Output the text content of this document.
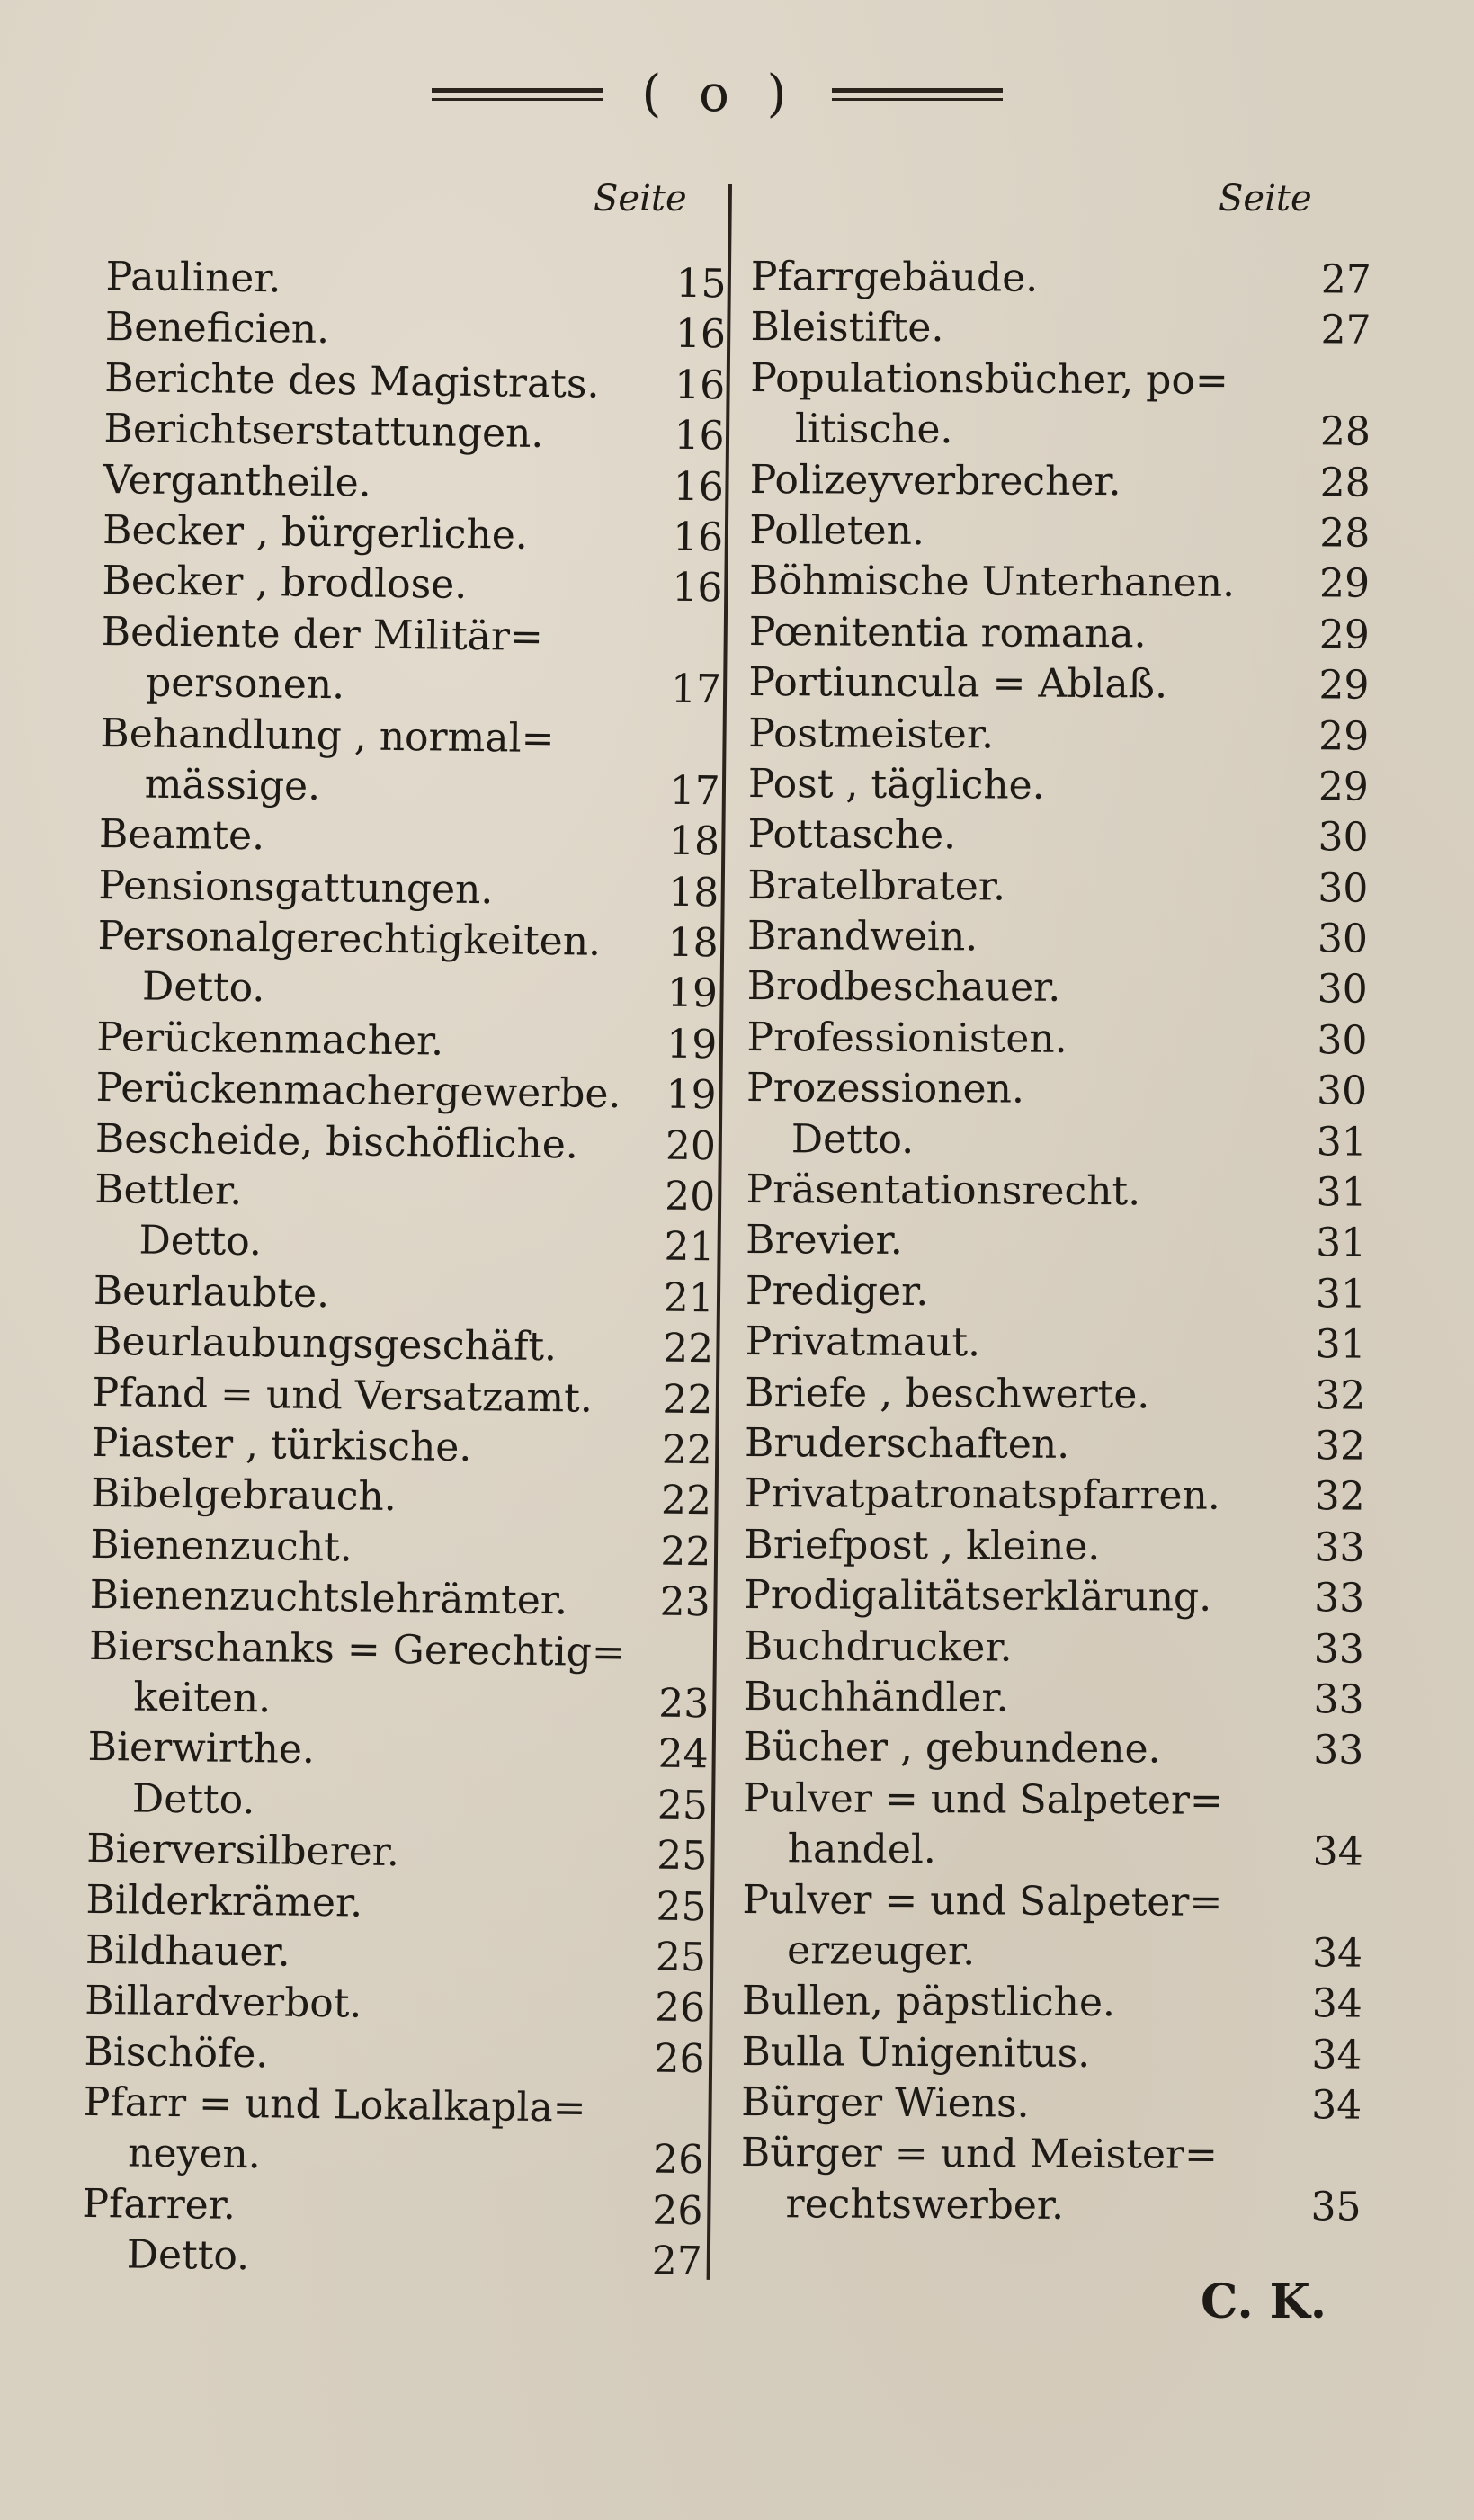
( o )
Seite	Seite
Pauliner.	15
Beneficien.	16
Berichte des Magistrats.	16
Berichtserstattungen.	16
Vergantheile.	16
Becker , bürgerliche.	16
Becker , brodlose.	16
Bediente der Militär=
personen.	17
Behandlung , normal=
mässige.	17
Beamte.	18
Pensionsgattungen.	18
Personalgerechtigkeiten.	18
Detto.	19
Perückenmacher.	19
Perückenmachergewerbe.	19
Bescheide, bischöfliche.	20
Bettler.	20
Detto.	21
Beurlaubte.	21
Beurlaubungsgeschäft.	22
Pfand = und Versatzamt.	22
Piaster , türkische.	22
Bibelgebrauch.	22
Bienenzucht.	22
Bienenzuchtslehrämter.	23
Bierschanks = Gerechtig=
keiten.	23
Bierwirthe.	24
Detto.	25
Bierversilberer.	25
Bilderkrämer.	25
Bildhauer.	25
Billardverbot.	26
Bischöfe.	26
Pfarr = und Lokalkapla=
neyen.	26
Pfarrer.	26
Detto.	27
Pfarrgebäude.	27
Bleistifte.	27
Populationsbücher, po=
litische.	28
Polizeyverbrecher.	28
Polleten.	28
Böhmische Unterhanen.	29
Pœnitentia romana.	29
Portiuncula = Ablaß.	29
Postmeister.	29
Post , tägliche.	29
Pottasche.	30
Bratelbrater.	30
Brandwein.	30
Brodbeschauer.	30
Professionisten.	30
Prozessionen.	30
Detto.	31
Präsentationsrecht.	31
Brevier.	31
Prediger.	31
Privatmaut.	31
Briefe , beschwerte.	32
Bruderschaften.	32
Privatpatronatspfarren.	32
Briefpost , kleine.	33
Prodigalitätserklärung.	33
Buchdrucker.	33
Buchhändler.	33
Bücher , gebundene.	33
Pulver = und Salpeter=
handel.	34
Pulver = und Salpeter=
erzeuger.	34
Bullen, päpstliche.	34
Bulla Unigenitus.	34
Bürger Wiens.	34
Bürger = und Meister=
rechtswerber.	35
C. K.
